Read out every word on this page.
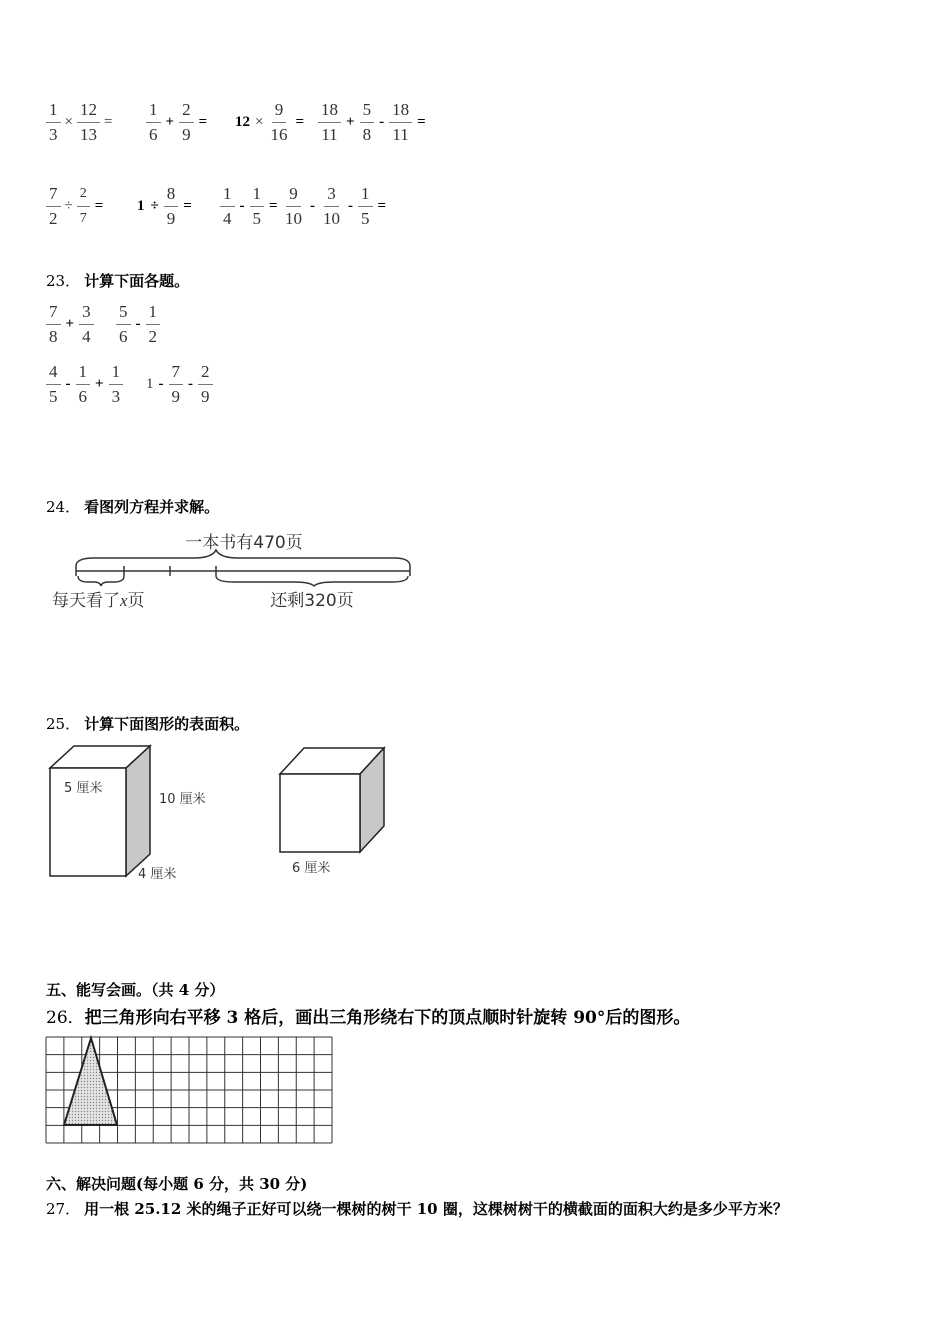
$\frac{1}{3} \times \frac{12}{13} = \frac{1}{6} + \frac{2}{9} = 12 \times \frac{9}{16} = \frac{18}{11} + \frac{5}{8} - \frac{18}{11}$ =
$\frac{7}{2} \div \frac{2}{7} = 1 \div \frac{8}{9} = \frac{1}{4} - \frac{1}{5} = \frac{9}{10} - \frac{3}{10} - \frac{1}{5}$ =
23． 计算下面各题。
$\frac{7}{8} + \frac{3}{4} \frac{5}{6} - \frac{1}{2}$
$\frac{4}{5} - \frac{1}{6} + \frac{1}{3} 1 - \frac{7}{9} - \frac{2}{9}$
24． 看图列方程并求解。
一本书有470页
每天看了x页	还剩320页
25． 计算下面图形的表面积。
5 厘米
10 厘米
4 厘米	6 厘米
五、能写会画。（共 4 分）
26．把三角形向右平移 3 格后，画出三角形绕右下的顶点顺时针旋转 90°后的图形。
六、解决问题(每小题 6 分，共 30 分)
27． 用一根 25.12 米的绳子正好可以绕一棵树的树干 10 圈，这棵树树干的横截面的面积大约是多少平方米？
